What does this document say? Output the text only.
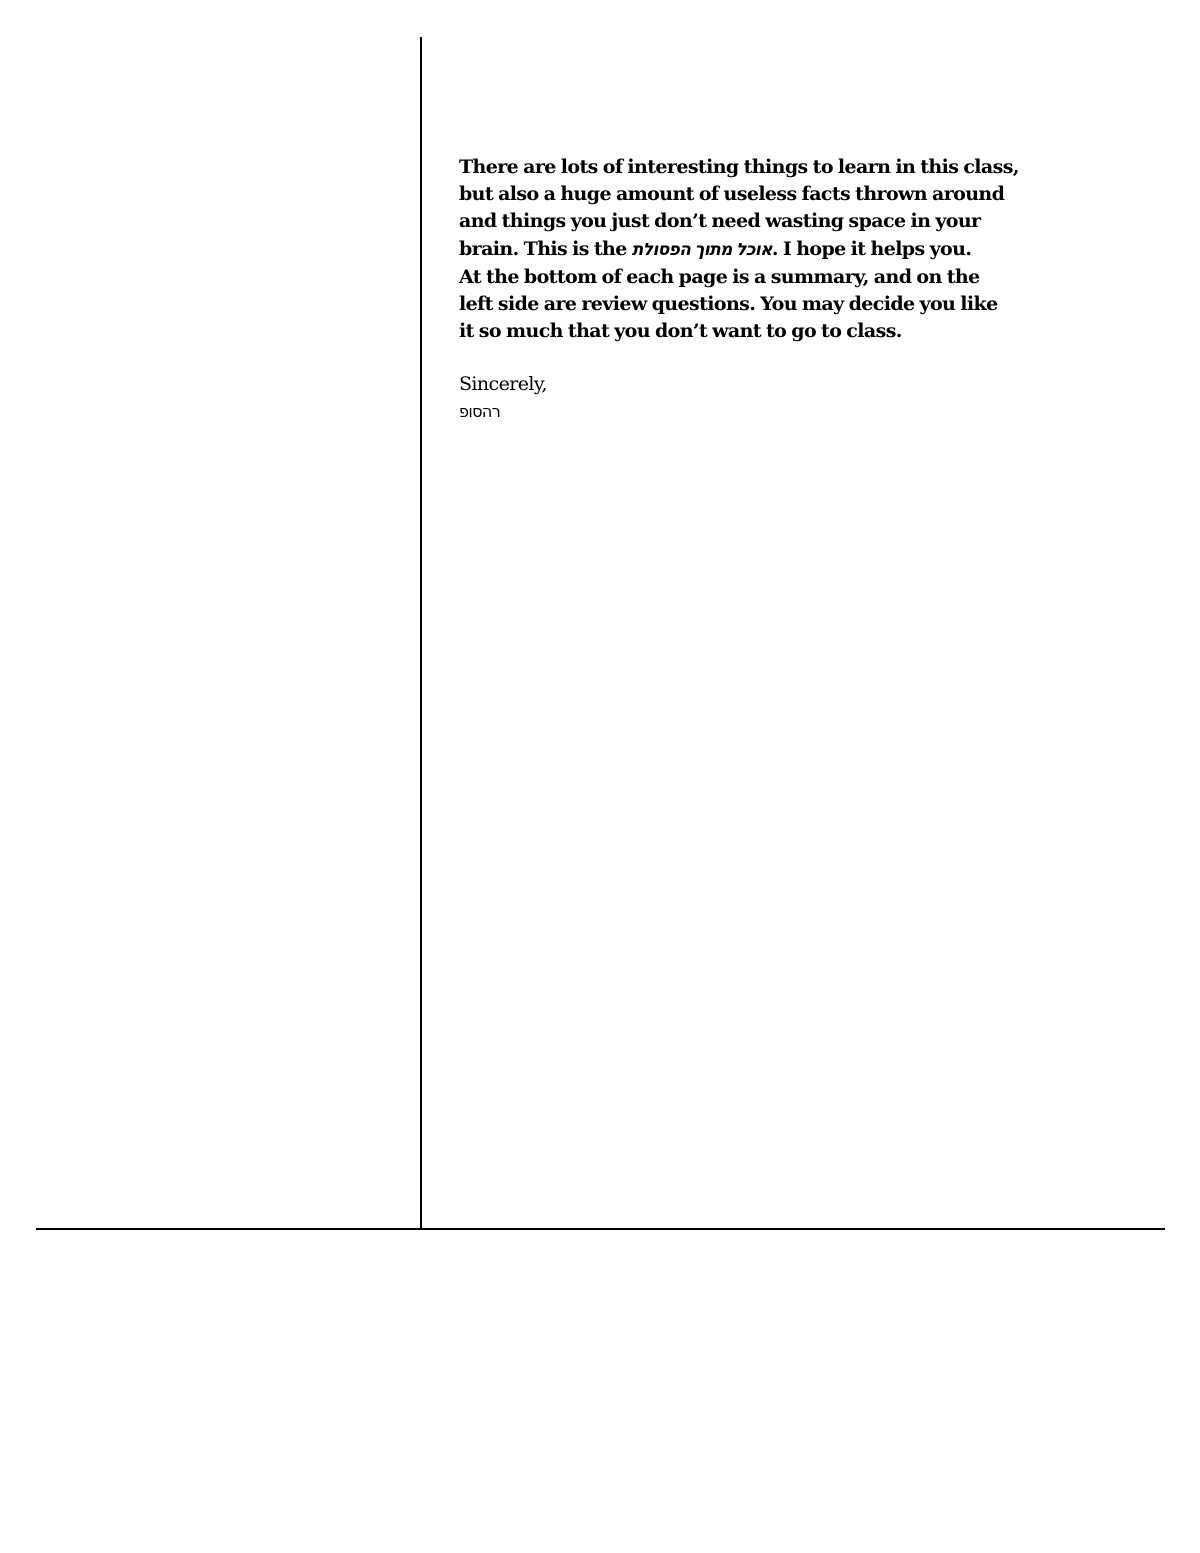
There are lots of interesting things to learn in this class,
but also a huge amount of useless facts thrown around
and things you just don’t need wasting space in your
brain. This is the אוכל מתוך הפסולת. I hope it helps you.
At the bottom of each page is a summary, and on the
left side are review questions. You may decide you like
it so much that you don’t want to go to class.

Sincerely,
רהסופ
